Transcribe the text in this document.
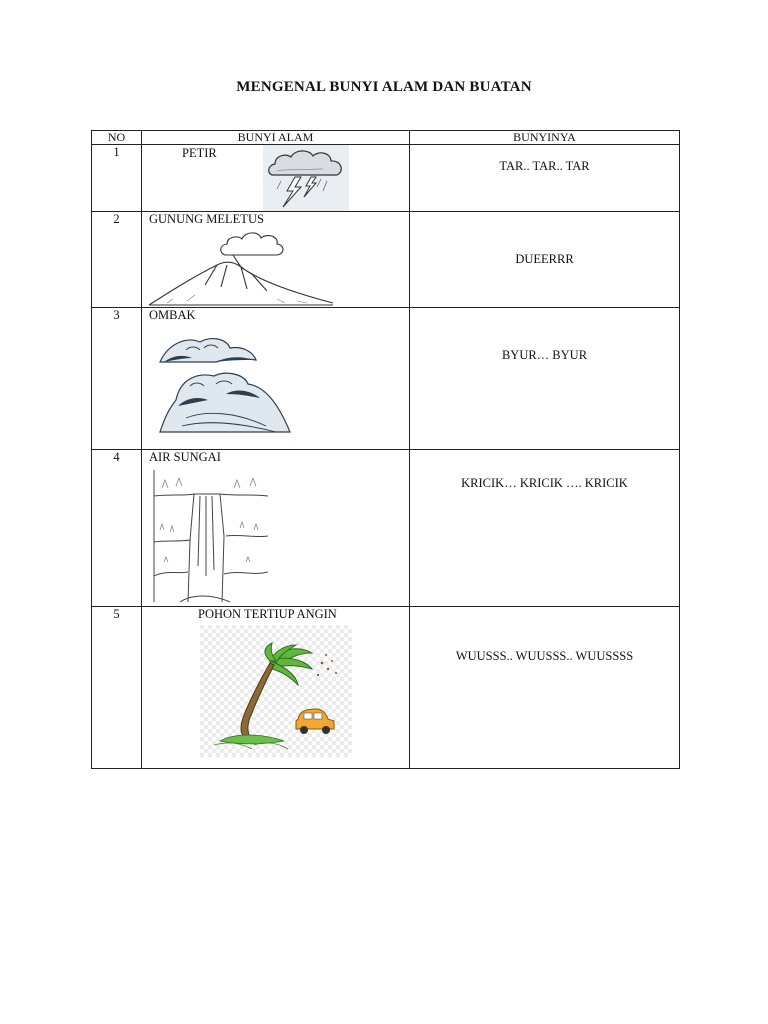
MENGENAL BUNYI ALAM DAN BUATAN
NO	BUNYI ALAM	BUNYINYA
1	PETIR	TAR.. TAR.. TAR

2	GUNUNG MELETUS	DUEERRR

3	OMBAK	BYUR… BYUR

4	AIR SUNGAI	KRICIK… KRICIK …. KRICIK

5	POHON TERTIUP ANGIN	WUUSSS.. WUUSSS.. WUUSSSS
